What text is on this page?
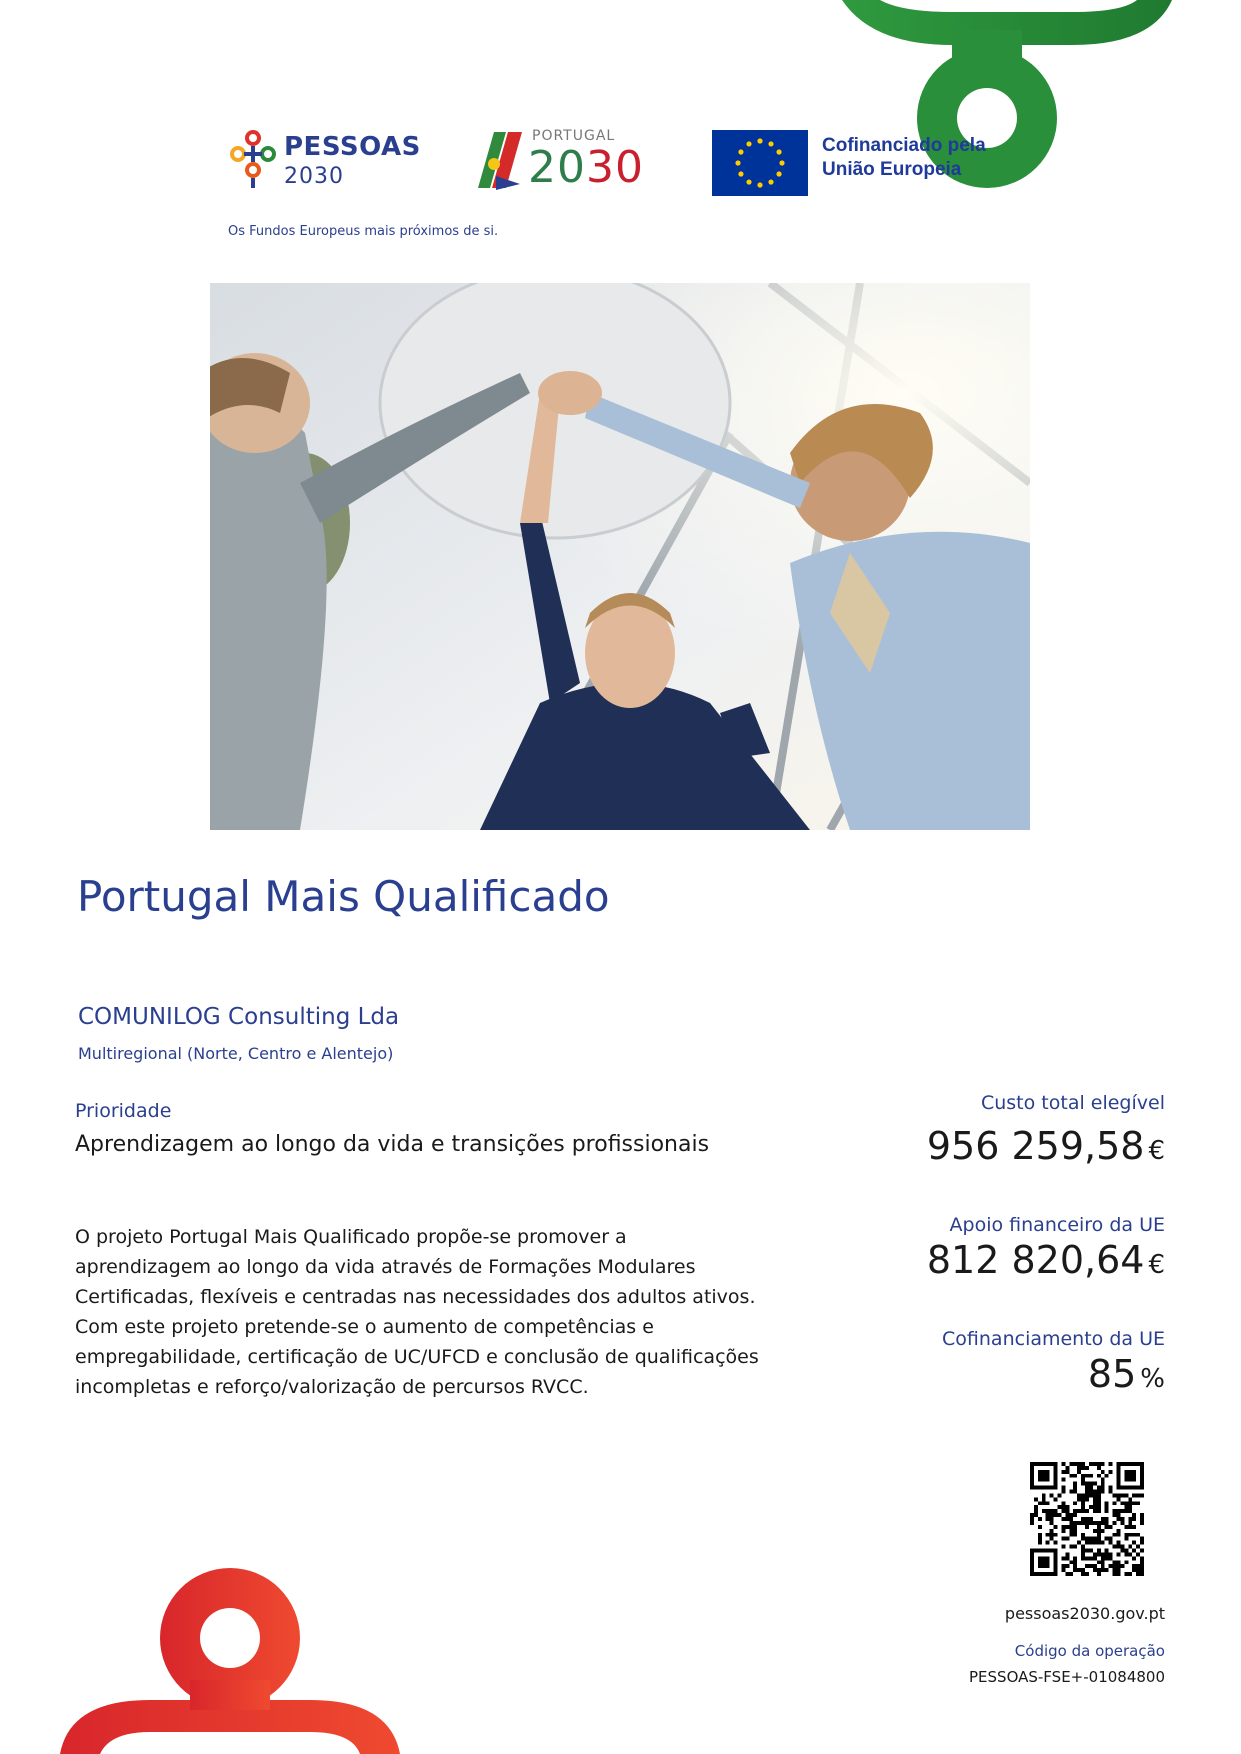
PESSOAS
2030
Os Fundos Europeus mais próximos de si.
PORTUGAL
2030	Cofinanciado pela
União Europeia
Portugal Mais Qualificado
COMUNILOG Consulting Lda
Multiregional (Norte, Centro e Alentejo)
Prioridade
Aprendizagem ao longo da vida e transições profissionais

O projeto Portugal Mais Qualificado propõe-se promover a

aprendizagem ao longo da vida através de Formações Modulares

Certificadas, flexíveis e centradas nas necessidades dos adultos ativos.

Com este projeto pretende-se o aumento de competências e

empregabilidade, certificação de UC/UFCD e conclusão de qualificações

incompletas e reforço/valorização de percursos RVCC.

Custo total elegível
956 259,58 €
Apoio financeiro da UE
812 820,64 €
Cofinanciamento da UE
85 %
pessoas2030.gov.pt
Código da operação
PESSOAS-FSE+-01084800
